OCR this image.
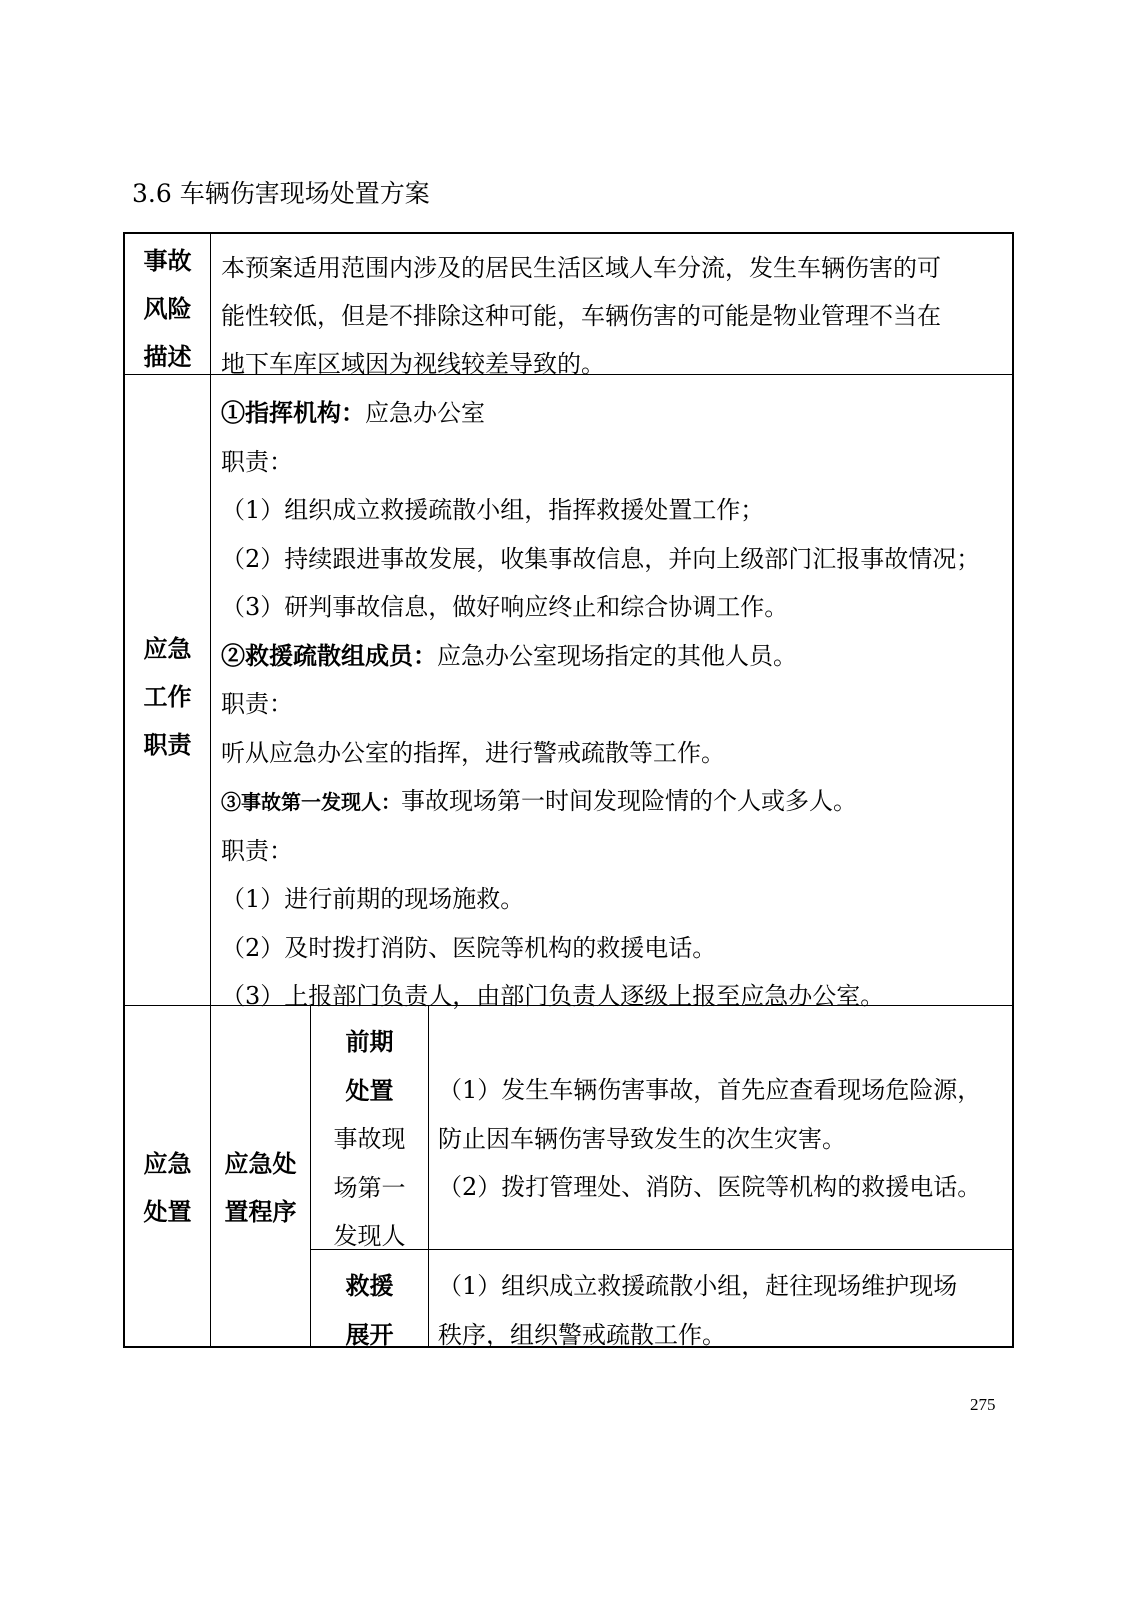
3.6 车辆伤害现场处置方案
事故
风险
描述
本预案适用范围内涉及的居民生活区域人车分流，发生车辆伤害的可
能性较低，但是不排除这种可能，车辆伤害的可能是物业管理不当在
地下车库区域因为视线较差导致的。
应急
工作
职责
①指挥机构：应急办公室
职责：
（1）组织成立救援疏散小组，指挥救援处置工作；
（2）持续跟进事故发展，收集事故信息，并向上级部门汇报事故情况；
（3）研判事故信息，做好响应终止和综合协调工作。
②救援疏散组成员：应急办公室现场指定的其他人员。
职责：
听从应急办公室的指挥，进行警戒疏散等工作。
③事故第一发现人：事故现场第一时间发现险情的个人或多人。
职责：
（1）进行前期的现场施救。
（2）及时拨打消防、医院等机构的救援电话。
（3）上报部门负责人，由部门负责人逐级上报至应急办公室。
应急
处置
应急处
置程序
前期
处置
事故现
场第一
发现人
（1）发生车辆伤害事故，首先应查看现场危险源，
防止因车辆伤害导致发生的次生灾害。
（2）拨打管理处、消防、医院等机构的救援电话。
救援
展开
（1）组织成立救援疏散小组，赶往现场维护现场
秩序，组织警戒疏散工作。
275
